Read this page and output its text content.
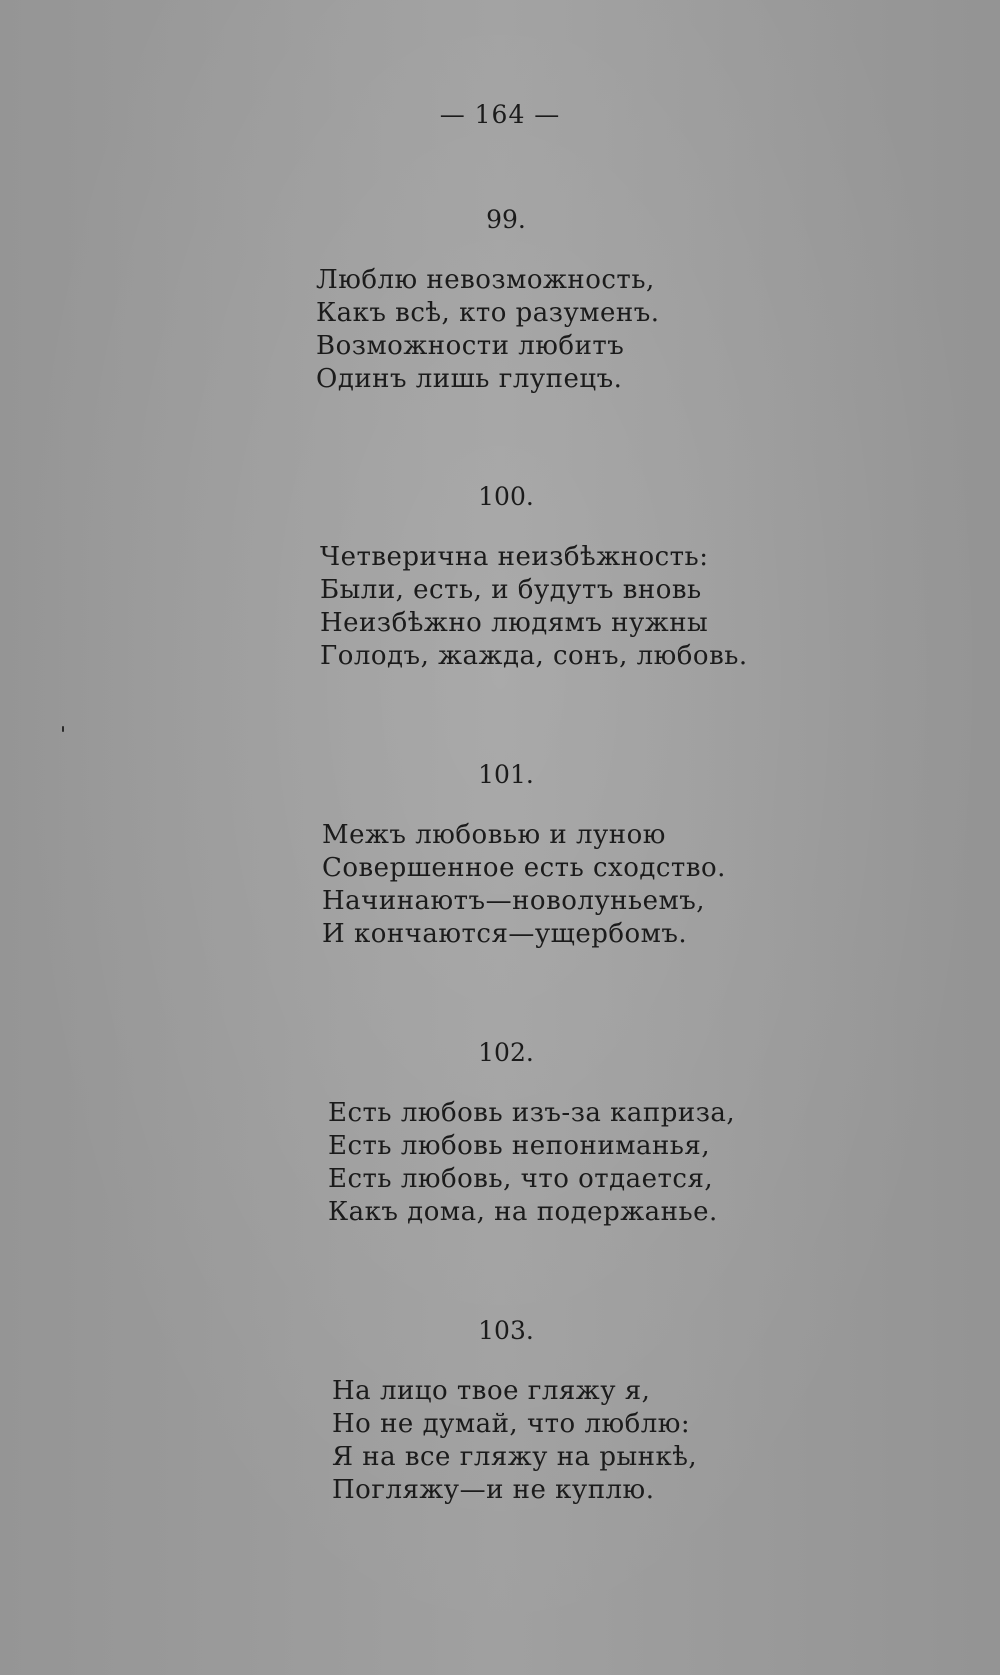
— 164 —
99.
Люблю невозможность,
Какъ всѣ, кто разуменъ.
Возможности любитъ
Одинъ лишь глупецъ.
100.
Четверична неизбѣжность:
Были, есть, и будутъ вновь
Неизбѣжно людямъ нужны
Голодъ, жажда, сонъ, любовь.
101.
Межъ любовью и луною
Совершенное есть сходство.
Начинаютъ—новолуньемъ,
И кончаются—ущербомъ.
102.
Есть любовь изъ-за каприза,
Есть любовь непониманья,
Есть любовь, что отдается,
Какъ дома, на подержанье.
103.
На лицо твое гляжу я,
Но не думай, что люблю:
Я на все гляжу на рынкѣ,
Погляжу—и не куплю.
